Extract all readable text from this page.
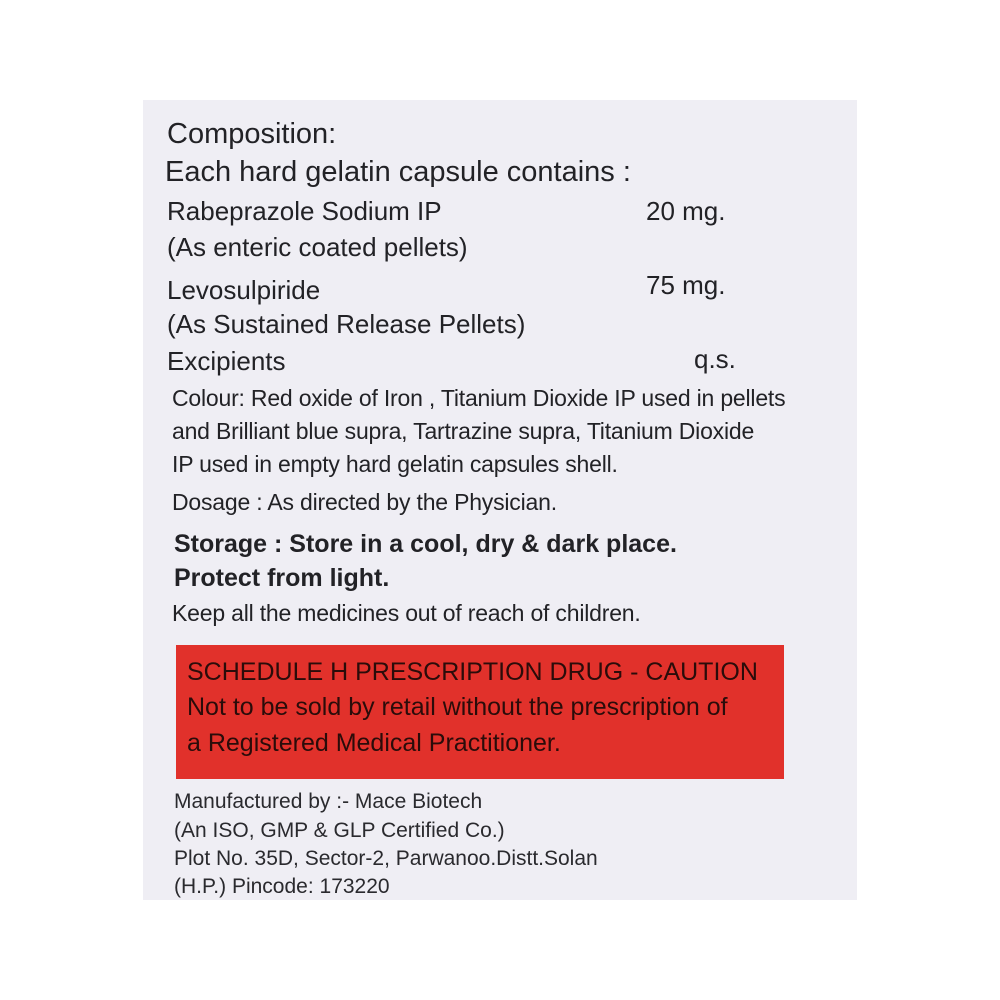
Composition:
Each hard gelatin capsule contains :
Rabeprazole Sodium IP	20 mg.
(As enteric coated pellets)
Levosulpiride	75 mg.
(As Sustained Release Pellets)
Excipients	q.s.
Colour: Red oxide of Iron , Titanium Dioxide IP used in pellets
and Brilliant blue supra, Tartrazine supra, Titanium Dioxide
IP used in empty hard gelatin capsules shell.
Dosage : As directed by the Physician.
Storage : Store in a cool, dry & dark place.
Protect from light.
Keep all the medicines out of reach of children.
SCHEDULE H PRESCRIPTION DRUG - CAUTION
Not to be sold by retail without the prescription of
a Registered Medical Practitioner.
Manufactured by :- Mace Biotech
(An ISO, GMP & GLP Certified Co.)
Plot No. 35D, Sector-2, Parwanoo.Distt.Solan
(H.P.) Pincode: 173220
